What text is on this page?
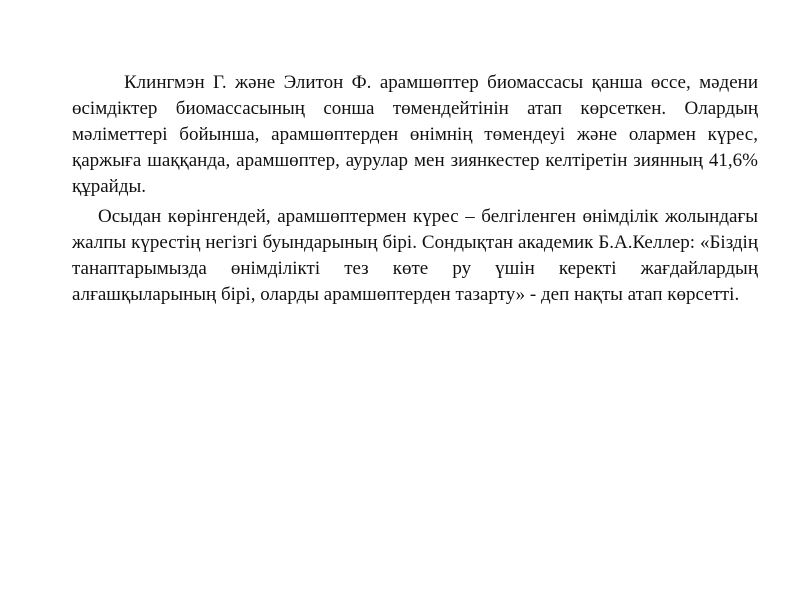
Клингмэн Г. және Элитон Ф. арамшөптер биомассасы қанша өссе, мәдени өсімдіктер биомассасының сонша төмендейтінін атап көрсеткен. Олардың мәліметтері бойынша, арамшөптерден өнімнің төмендеуі және олармен күрес, қаржыға шаққанда, арамшөптер, аурулар мен зиянкестер келтіретін зиянның 41,6% құрайды.

Осыдан көрінгендей, арамшөптермен күрес – белгіленген өнімділік жолындағы жалпы күрестің негізгі буындарының бірі. Сондықтан академик Б.А.Келлер: «Біздің танаптарымызда өнімділікті тез көте ру үшін керекті жағдайлардың алғашқыларының бірі, оларды арамшөптерден тазарту» - деп нақты атап көрсетті.
